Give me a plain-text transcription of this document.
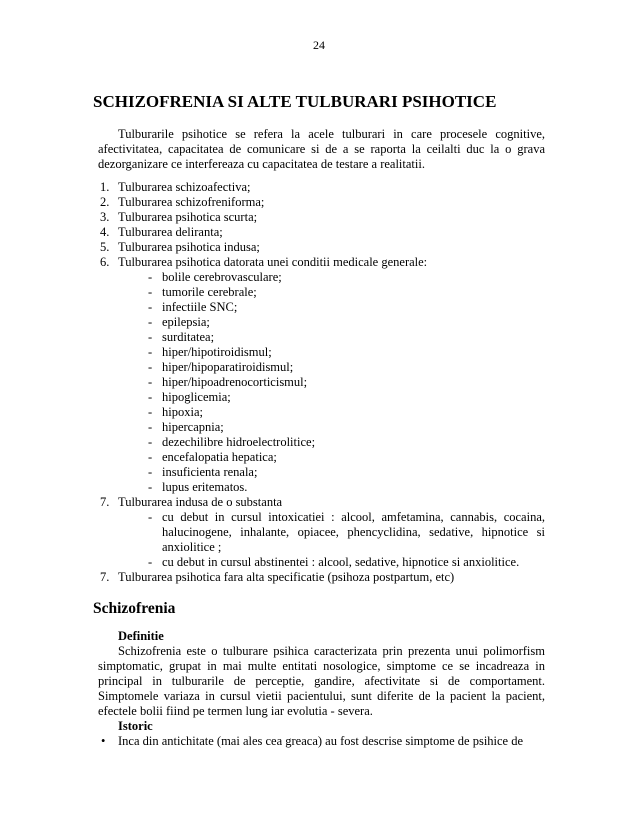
24
SCHIZOFRENIA SI ALTE TULBURARI PSIHOTICE
Tulburarile psihotice se refera la acele tulburari in care procesele cognitive, afectivitatea, capacitatea de comunicare si de a se raporta la ceilalti duc la o grava dezorganizare ce interfereaza cu capacitatea de testare a realitatii.
1. Tulburarea schizoafectiva;
2. Tulburarea schizofreniforma;
3. Tulburarea psihotica scurta;
4. Tulburarea deliranta;
5. Tulburarea psihotica indusa;
6. Tulburarea psihotica datorata unei conditii medicale generale:
- bolile cerebrovasculare;
- tumorile cerebrale;
- infectiile SNC;
- epilepsia;
- surditatea;
- hiper/hipotiroidismul;
- hiper/hipoparatiroidismul;
- hiper/hipoadrenocorticismul;
- hipoglicemia;
- hipoxia;
- hipercapnia;
- dezechilibre hidroelectrolitice;
- encefalopatia hepatica;
- insuficienta renala;
- lupus eritematos.
7. Tulburarea indusa de o substanta
- cu debut in cursul intoxicatiei : alcool, amfetamina, cannabis, cocaina, halucinogene, inhalante, opiacee, phencyclidina, sedative, hipnotice si anxiolitice ;
- cu debut in cursul abstinentei : alcool, sedative, hipnotice si anxiolitice.
7. Tulburarea psihotica fara alta specificatie (psihoza postpartum, etc)
Schizofrenia
Definitie
Schizofrenia este o tulburare psihica caracterizata prin prezenta unui polimorfism simptomatic, grupat in mai multe entitati nosologice, simptome ce se incadreaza in principal in tulburarile de perceptie, gandire, afectivitate si de comportament. Simptomele variaza in cursul vietii pacientului, sunt diferite de la pacient la pacient, efectele bolii fiind pe termen lung iar evolutia - severa.
Istoric
• Inca din antichitate (mai ales cea greaca) au fost descrise simptome de psihice de
